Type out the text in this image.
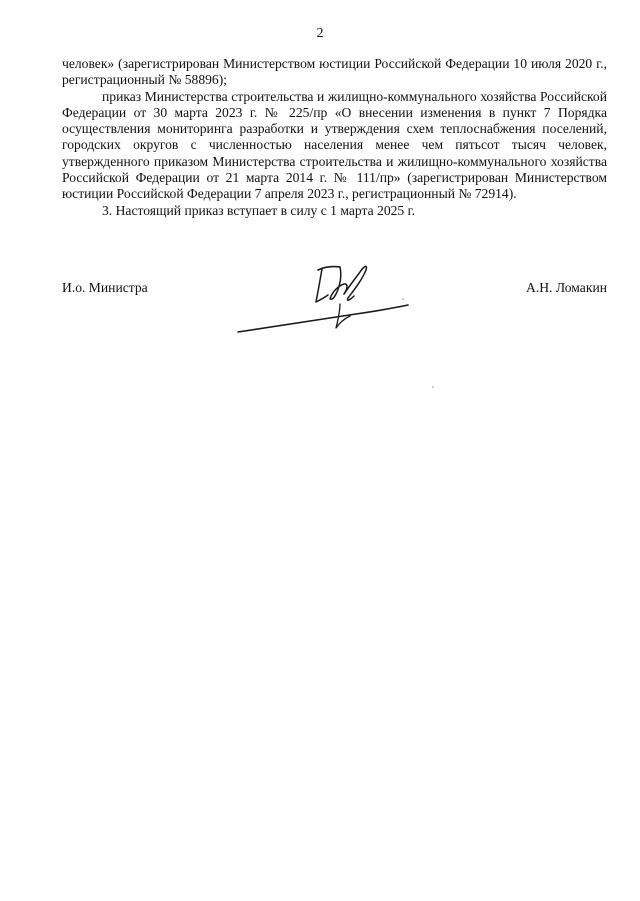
2

человек» (зарегистрирован Министерством юстиции Российской Федерации 10 июля 2020 г., регистрационный № 58896);

приказ Министерства строительства и жилищно-коммунального хозяйства Российской Федерации от 30 марта 2023 г. № 225/пр «О внесении изменения в пункт 7 Порядка осуществления мониторинга разработки и утверждения схем теплоснабжения поселений, городских округов с численностью населения менее чем пятьсот тысяч человек, утвержденного приказом Министерства строительства и жилищно-коммунального хозяйства Российской Федерации от 21 марта 2014 г. № 111/пр» (зарегистрирован Министерством юстиции Российской Федерации 7 апреля 2023 г., регистрационный № 72914).

3. Настоящий приказ вступает в силу с 1 марта 2025 г.

И.о. Министра	А.Н. Ломакин
